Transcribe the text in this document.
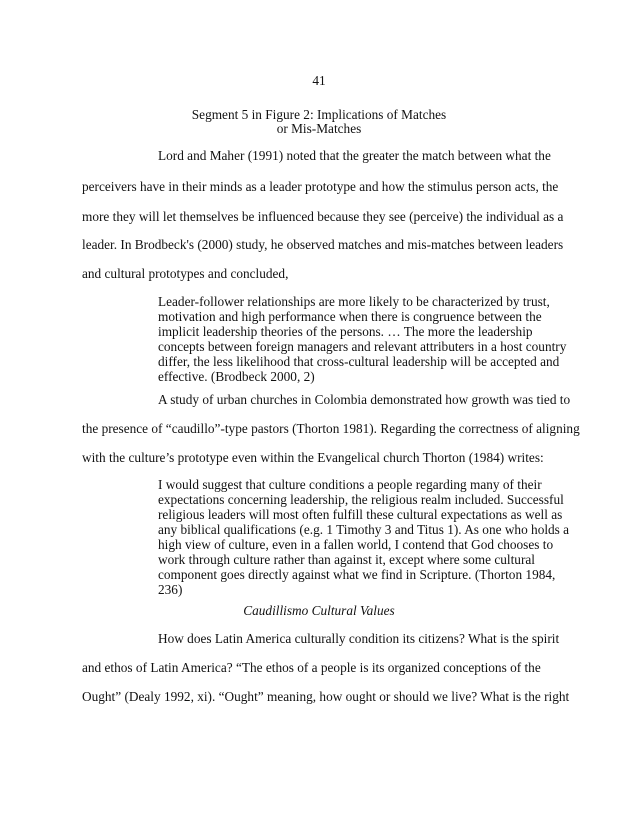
41
Segment 5 in Figure 2: Implications of Matches
or Mis-Matches
Lord and Maher (1991) noted that the greater the match between what the
perceivers have in their minds as a leader prototype and how the stimulus person acts, the
more they will let themselves be influenced because they see (perceive) the individual as a
leader. In Brodbeck's (2000) study, he observed matches and mis-matches between leaders
and cultural prototypes and concluded,
Leader-follower relationships are more likely to be characterized by trust,
motivation and high performance when there is congruence between the
implicit leadership theories of the persons. … The more the leadership
concepts between foreign managers and relevant attributers in a host country
differ, the less likelihood that cross-cultural leadership will be accepted and
effective. (Brodbeck 2000, 2)
A study of urban churches in Colombia demonstrated how growth was tied to
the presence of “caudillo”-type pastors (Thorton 1981). Regarding the correctness of aligning
with the culture’s prototype even within the Evangelical church Thorton (1984) writes:
I would suggest that culture conditions a people regarding many of their
expectations concerning leadership, the religious realm included. Successful
religious leaders will most often fulfill these cultural expectations as well as
any biblical qualifications (e.g. 1 Timothy 3 and Titus 1). As one who holds a
high view of culture, even in a fallen world, I contend that God chooses to
work through culture rather than against it, except where some cultural
component goes directly against what we find in Scripture. (Thorton 1984,
236)
Caudillismo Cultural Values
How does Latin America culturally condition its citizens? What is the spirit
and ethos of Latin America? “The ethos of a people is its organized conceptions of the
Ought” (Dealy 1992, xi). “Ought” meaning, how ought or should we live? What is the right
